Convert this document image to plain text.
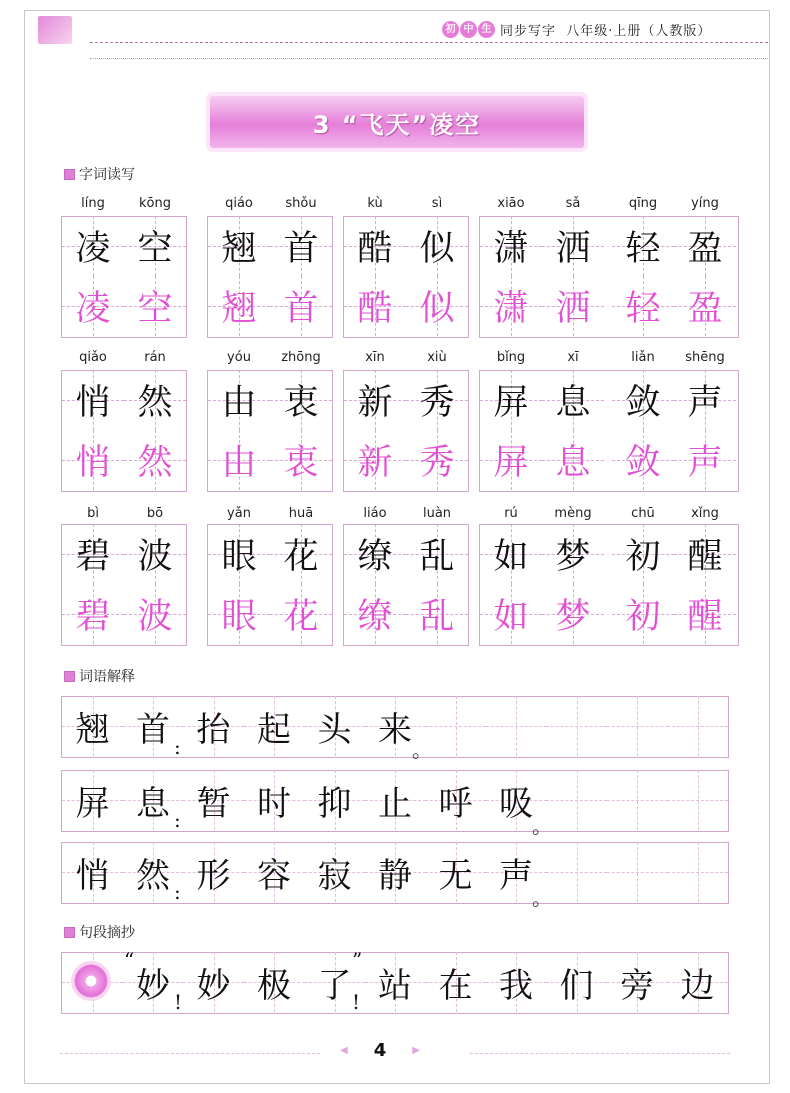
初 中 生 同步写字  八年级·上册（人教版）
3 “飞天”凌空
字词读写
词语解释
句段摘抄
líng
凌
凌
kōng
空
空
qiáo
翘
翘
shǒu
首
首
kù
酷
酷
sì
似
似
xiāo
潇
潇
sǎ
洒
洒
qīng
轻
轻
yíng
盈
盈
qiǎo
悄
悄
rán
然
然
yóu
由
由
zhōng
衷
衷
xīn
新
新
xiù
秀
秀
bǐng
屏
屏
xī
息
息
liǎn
敛
敛
shēng
声
声
bì
碧
碧
bō
波
波
yǎn
眼
眼
huā
花
花
liáo
缭
缭
luàn
乱
乱
rú
如
如
mèng
梦
梦
chū
初
初
xǐng
醒
醒
翘 首 抬 起 头 来
屏 息 暂 时 抑 止 呼 吸
悄 然 形 容 寂 静 无 声
妙 妙 极 了 站 在 我 们 旁 边
:
:
:
。
。
。
“
!
”
!
◀ 4	▶
